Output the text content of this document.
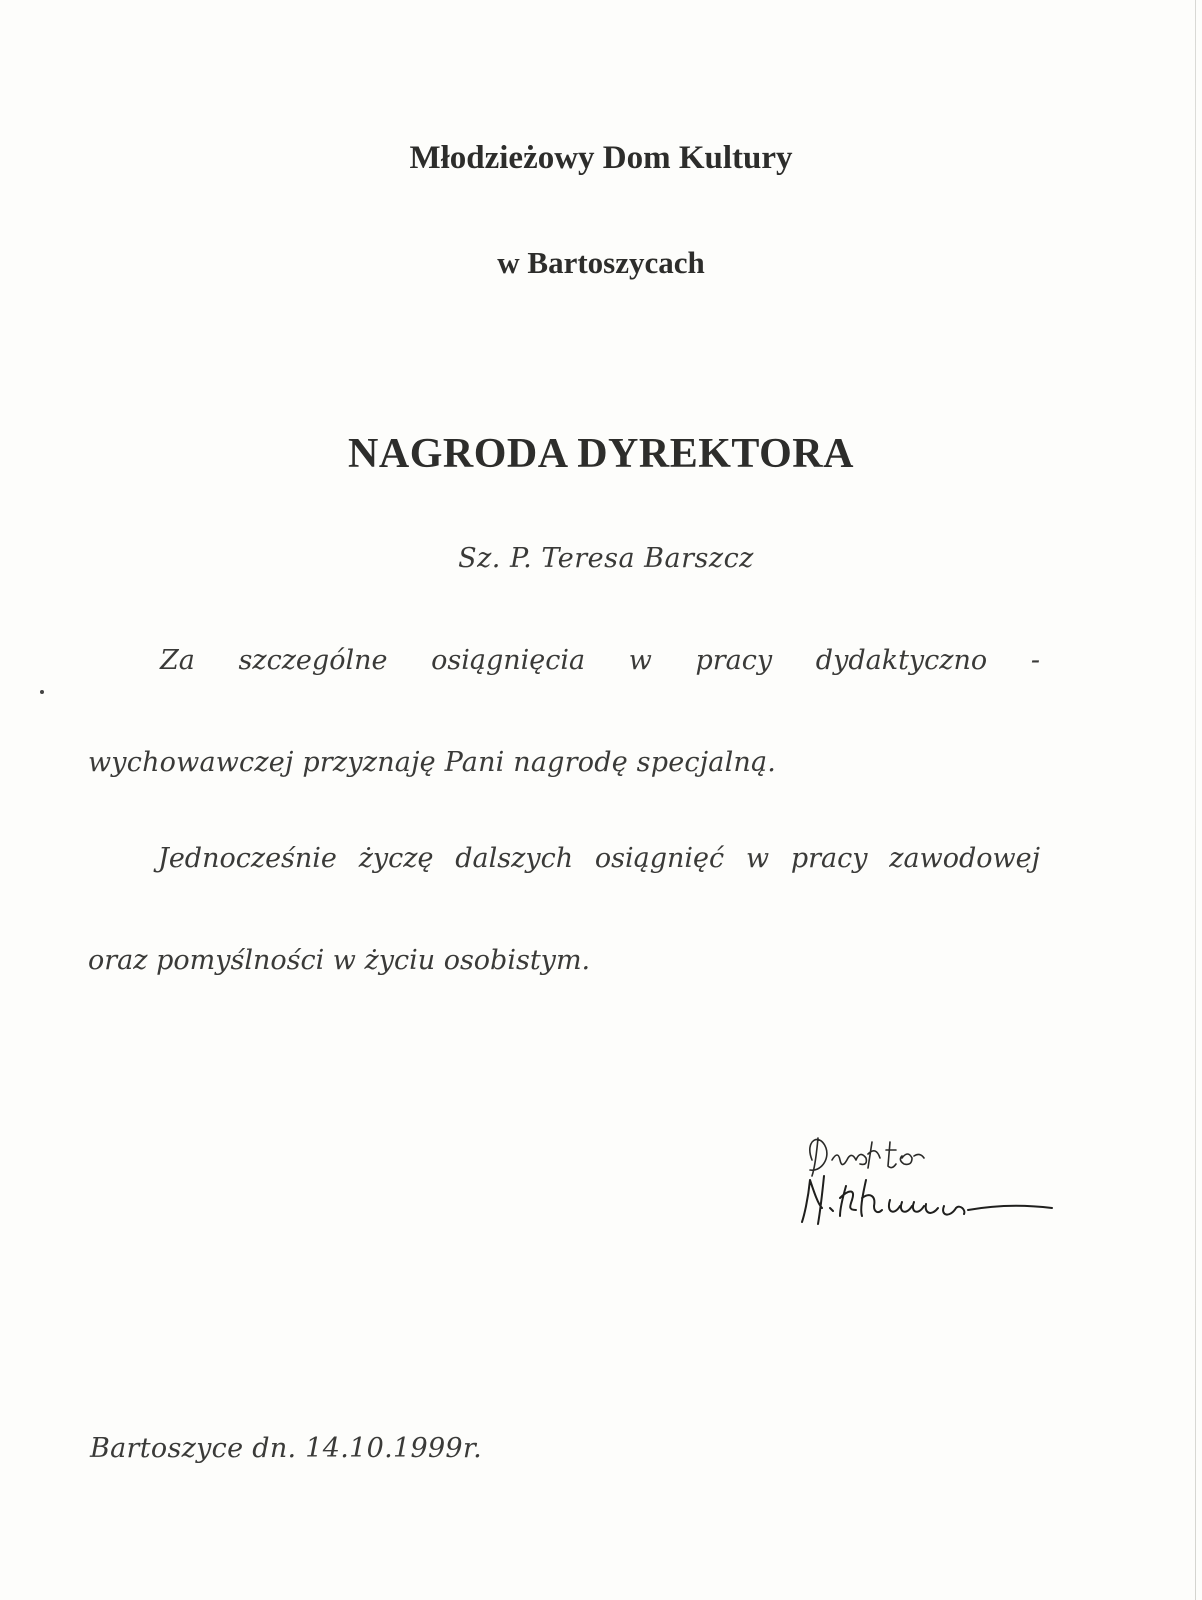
Młodzieżowy Dom Kultury
w Bartoszycach
NAGRODA DYREKTORA
Sz. P. Teresa Barszcz
Za szczególne osiągnięcia w pracy dydaktyczno -
wychowawczej przyznaję Pani nagrodę specjalną.
Jednocześnie życzę dalszych osiągnięć w pracy zawodowej
oraz pomyślności w życiu osobistym.
Bartoszyce dn. 14.10.1999r.
